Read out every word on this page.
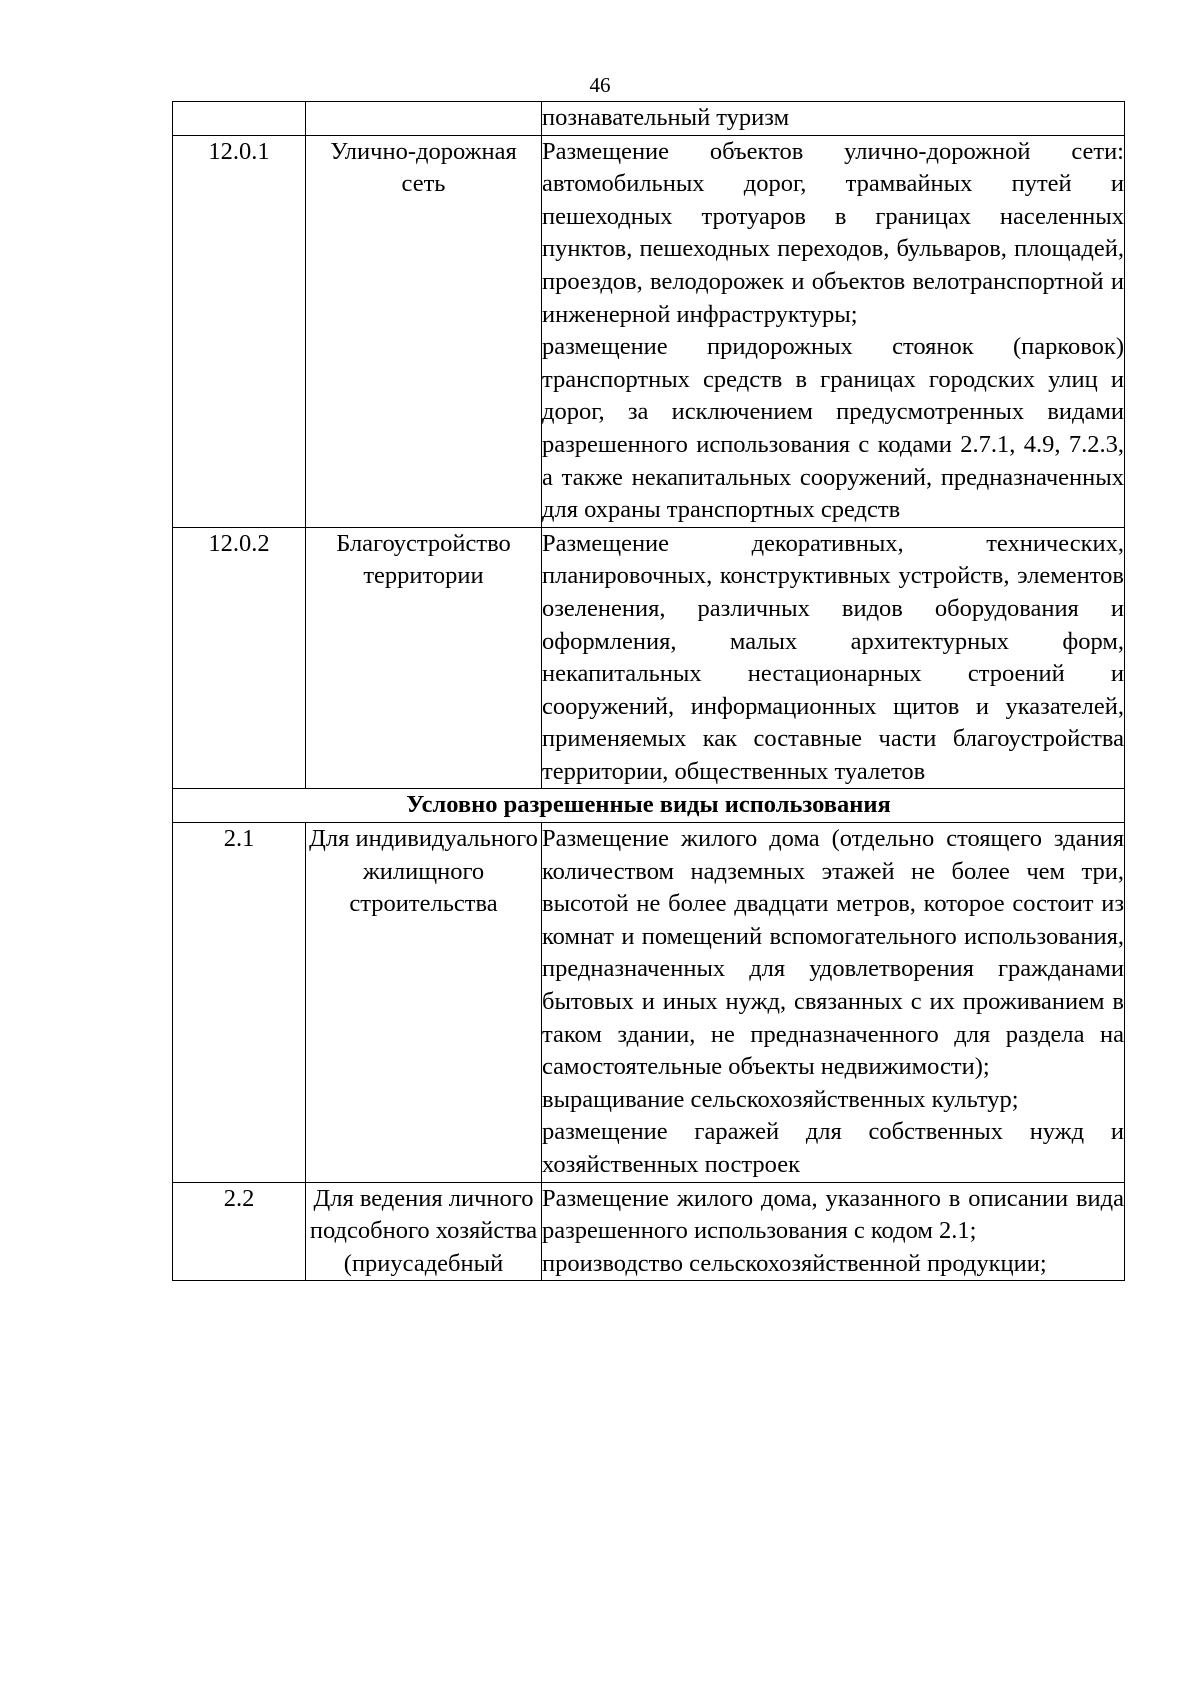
46

		познавательный туризм

12.0.1	Улично-дорожная сеть	Размещение объектов улично-дорожной сети: автомобильных дорог, трамвайных путей и пешеходных тротуаров в границах населенных пунктов, пешеходных переходов, бульваров, площадей, проездов, велодорожек и объектов велотранспортной и инженерной инфраструктуры;
размещение придорожных стоянок (парковок) транспортных средств в границах городских улиц и дорог, за исключением предусмотренных видами разрешенного использования с кодами 2.7.1, 4.9, 7.2.3, а также некапитальных сооружений, предназначенных для охраны транспортных средств

12.0.2	Благоустройство территории	Размещение декоративных, технических, планировочных, конструктивных устройств, элементов озеленения, различных видов оборудования и оформления, малых архитектурных форм, некапитальных нестационарных строений и сооружений, информационных щитов и указателей, применяемых как составные части благоустройства территории, общественных туалетов

Условно разрешенные виды использования		
2.1	Для индивидуального жилищного строительства	Размещение жилого дома (отдельно стоящего здания количеством надземных этажей не более чем три, высотой не более двадцати метров, которое состоит из комнат и помещений вспомогательного использования, предназначенных для удовлетворения гражданами бытовых и иных нужд, связанных с их проживанием в таком здании, не предназначенного для раздела на самостоятельные объекты недвижимости);
выращивание сельскохозяйственных культур;
размещение гаражей для собственных нужд и хозяйственных построек

2.2	Для ведения личного подсобного хозяйства (приусадебный	Размещение жилого дома, указанного в описании вида разрешенного использования с кодом 2.1;
производство сельскохозяйственной продукции;
